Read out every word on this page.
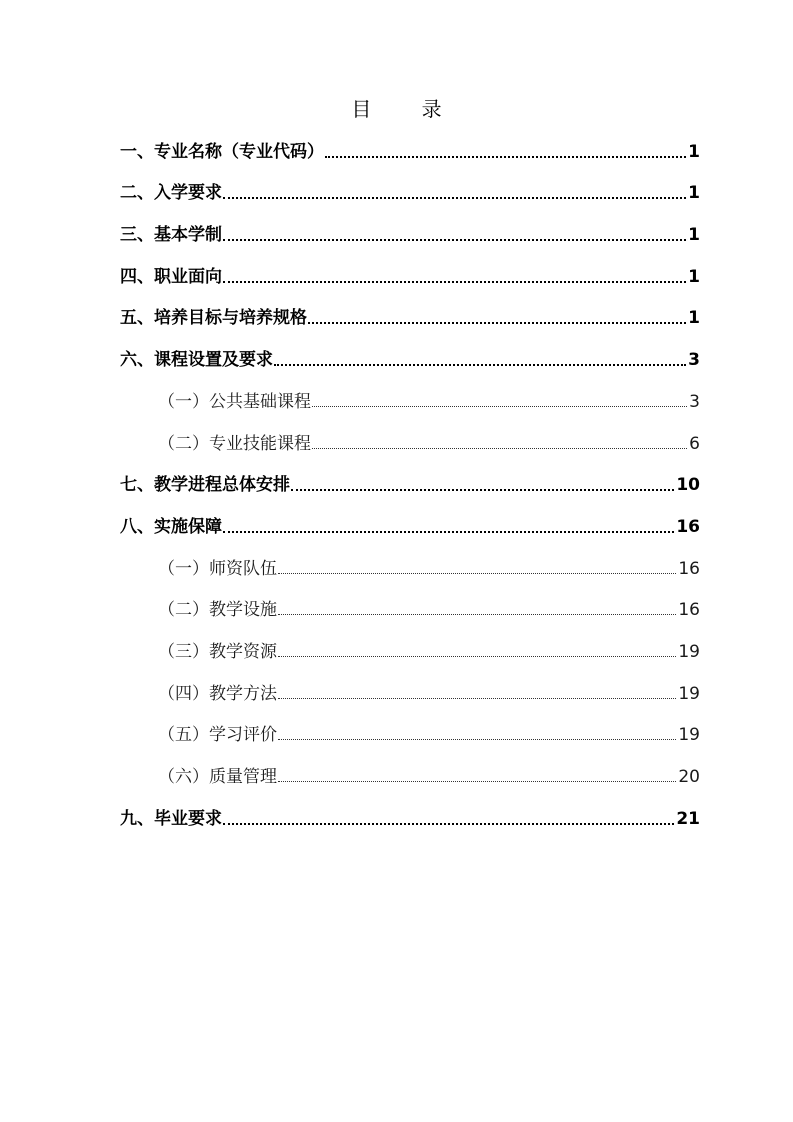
目 录
一、专业名称（专业代码）	1
二、入学要求	1
三、基本学制	1
四、职业面向	1
五、培养目标与培养规格	1
六、课程设置及要求	3
（一）公共基础课程	3
（二）专业技能课程	6
七、教学进程总体安排	10
八、实施保障	16
（一）师资队伍	16
（二）教学设施	16
（三）教学资源	19
（四）教学方法	19
（五）学习评价	19
（六）质量管理	20
九、毕业要求	21
